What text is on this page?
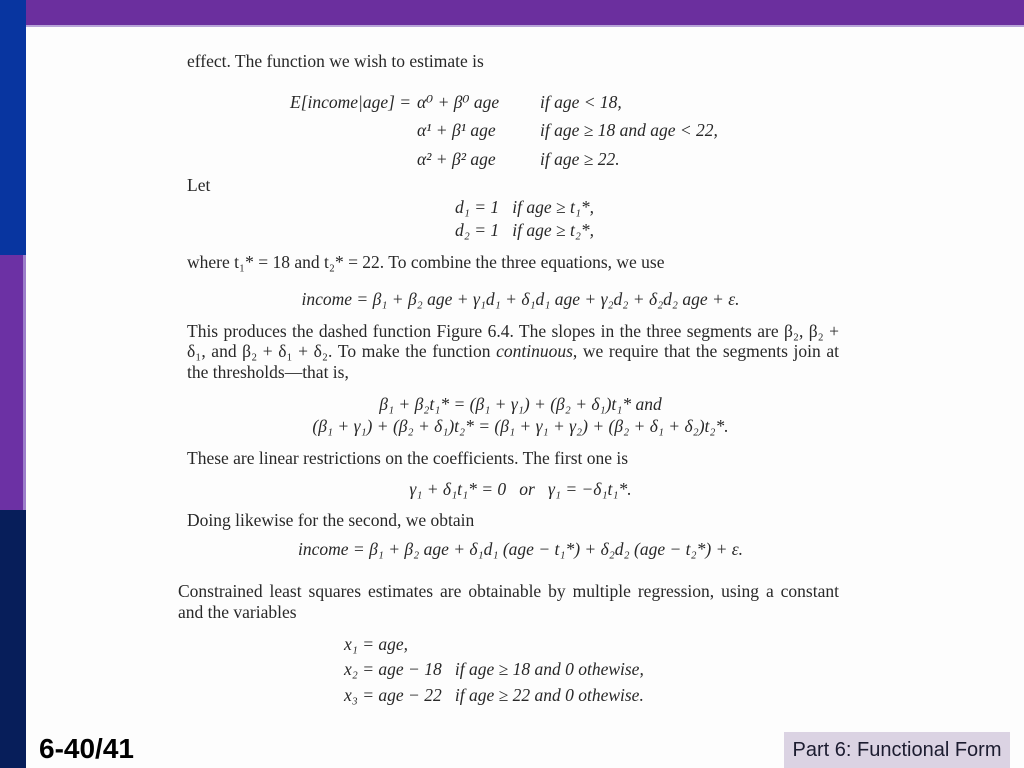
effect. The function we wish to estimate is

E[income|age] = α⁰ + β⁰ age	if age < 18,
α¹ + β¹ age	if age ≥ 18 and age < 22,
α² + β² age	if age ≥ 22.

Let

d₁ = 1   if age ≥ t₁*,
d₂ = 1   if age ≥ t₂*,

where t₁* = 18 and t₂* = 22. To combine the three equations, we use

income = β₁ + β₂ age + γ₁d₁ + δ₁d₁ age + γ₂d₂ + δ₂d₂ age + ε.

This produces the dashed function Figure 6.4. The slopes in the three segments are β₂, β₂ + δ₁, and β₂ + δ₁ + δ₂. To make the function continuous, we require that the segments join at the thresholds—that is,

β₁ + β₂t₁* = (β₁ + γ₁) + (β₂ + δ₁)t₁* and
(β₁ + γ₁) + (β₂ + δ₁)t₂* = (β₁ + γ₁ + γ₂) + (β₂ + δ₁ + δ₂)t₂*.

These are linear restrictions on the coefficients. The first one is

γ₁ + δ₁t₁* = 0   or   γ₁ = −δ₁t₁*.

Doing likewise for the second, we obtain

income = β₁ + β₂ age + δ₁d₁ (age − t₁*) + δ₂d₂ (age − t₂*) + ε.

Constrained least squares estimates are obtainable by multiple regression, using a constant and the variables

x₁ = age,
x₂ = age − 18   if age ≥ 18 and 0 othewise,
x₃ = age − 22   if age ≥ 22 and 0 othewise.
6-40/41	Part 6: Functional Form
